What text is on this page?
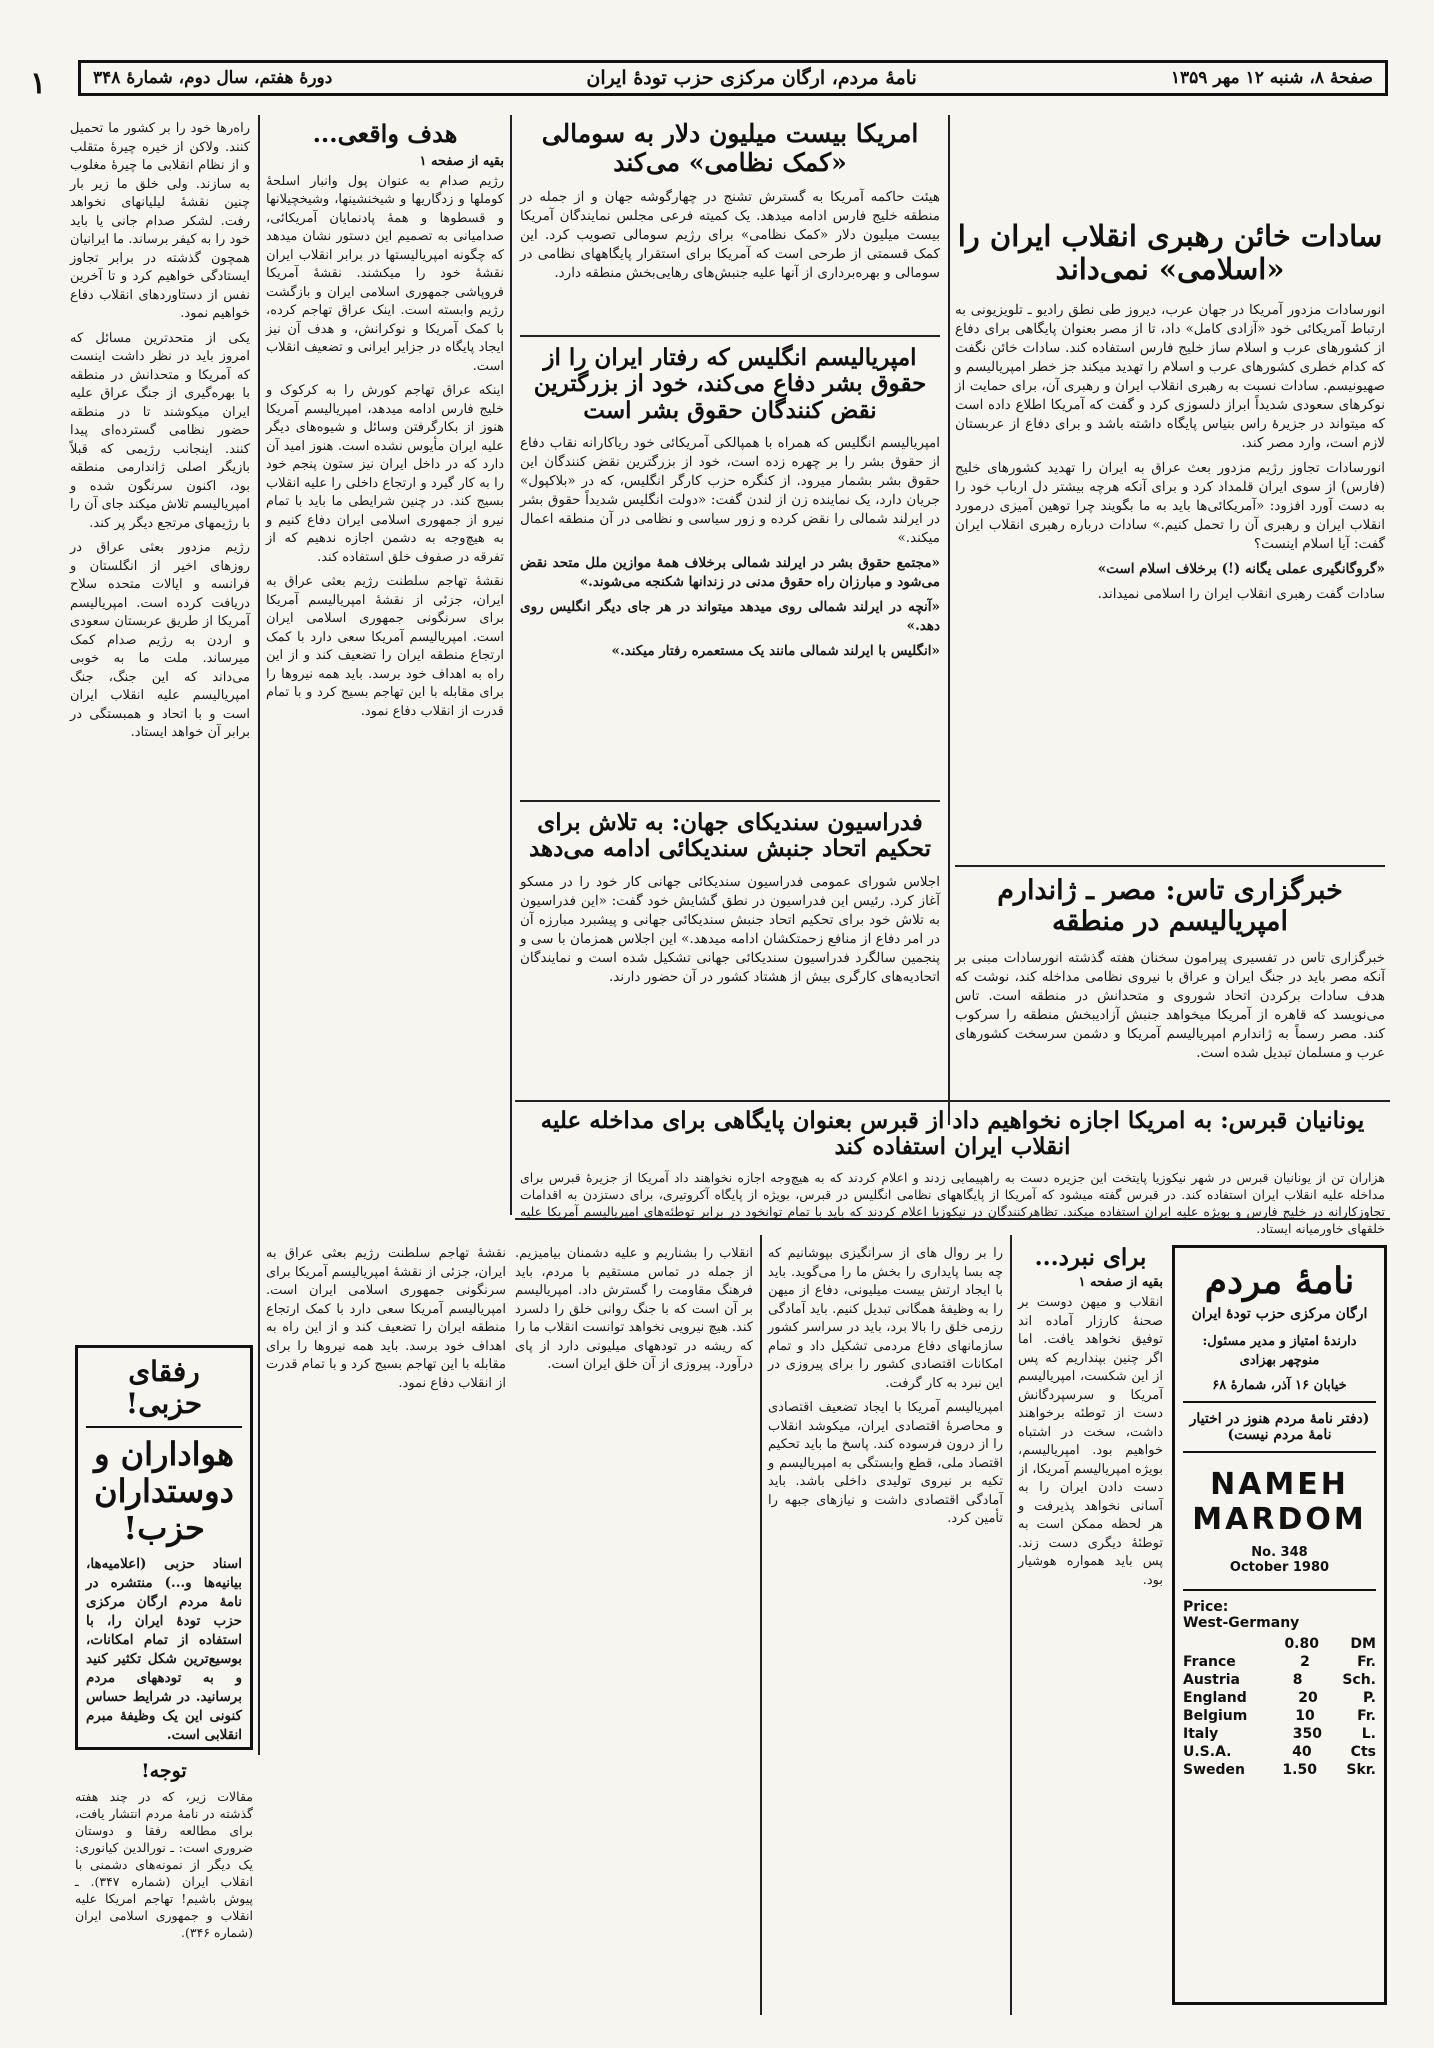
۱	صفحهٔ ۸، شنبه ۱۲ مهر ۱۳۵۹
نامهٔ مردم، ارگان مرکزی حزب تودهٔ ایران
دورهٔ هفتم، سال دوم، شمارهٔ ۳۴۸
سادات خائن رهبری انقلاب ایران را «اسلامی» نمی‌داند

انورسادات مزدور آمریکا در جهان عرب، دیروز طی نطق رادیو ـ تلویزیونی به ارتباط آمریکائی خود «آزادی کامل» داد، تا از مصر بعنوان پایگاهی برای دفاع از کشورهای عرب و اسلام ساز خلیج فارس استفاده کند. سادات خائن نگفت که کدام خطری کشورهای عرب و اسلام را تهدید میکند جز خطر امپریالیسم و صهیونیسم. سادات نسبت به رهبری انقلاب ایران و رهبری آن، برای حمایت از نوکرهای سعودی شدیداً ابراز دلسوزی کرد و گفت که آمریکا اطلاع داده است که میتواند در جزیرهٔ راس بنیاس پایگاه داشته باشد و برای دفاع از عربستان لازم است، وارد مصر کند.

انورسادات تجاوز رژیم مزدور بعث عراق به ایران را تهدید کشورهای خلیج (فارس) از سوی ایران قلمداد کرد و برای آنکه هرچه بیشتر دل ارباب خود را به دست آورد افزود: «آمریکائی‌ها باید به ما بگویند چرا توهین آمیزی درمورد انقلاب ایران و رهبری آن را تحمل کنیم.» سادات درباره رهبری انقلاب ایران گفت: آیا اسلام اینست؟

«گروگانگیری عملی یگانه (!) برخلاف اسلام است»

سادات گفت رهبری انقلاب ایران را اسلامی نمیداند.

خبرگزاری تاس: مصر ـ ژاندارم امپریالیسم در منطقه
خبرگزاری تاس در تفسیری پیرامون سخنان هفته گذشته انورسادات مبنی بر آنکه مصر باید در جنگ ایران و عراق با نیروی نظامی مداخله کند، نوشت که هدف سادات برکردن اتحاد شوروی و متحدانش در منطقه است. تاس می‌نویسد که قاهره از آمریکا میخواهد جنبش آزادیبخش منطقه را سرکوب کند. مصر رسماً به ژاندارم امپریالیسم آمریکا و دشمن سرسخت کشورهای عرب و مسلمان تبدیل شده است.
امریکا بیست میلیون دلار به سومالی «کمک نظامی» می‌کند
هیئت حاکمه آمریکا به گسترش تشنج در چهارگوشه جهان و از جمله در منطقه خلیج فارس ادامه میدهد. یک کمیته فرعی مجلس نمایندگان آمریکا بیست میلیون دلار «کمک نظامی» برای رژیم سومالی تصویب کرد. این کمک قسمتی از طرحی است که آمریکا برای استقرار پایگاههای نظامی در سومالی و بهره‌برداری از آنها علیه جنبش‌های رهایی‌بخش منطقه دارد.
امپریالیسم انگلیس که رفتار ایران را از حقوق بشر دفاع می‌کند، خود از بزرگترین نقض کنندگان حقوق بشر است

امپریالیسم انگلیس که همراه با همپالکی آمریکائی خود ریاکارانه نقاب دفاع از حقوق بشر را بر چهره زده است، خود از بزرگترین نقض کنندگان این حقوق بشر بشمار میرود. از کنگره حزب کارگر انگلیس، که در «بلاکپول» جریان دارد، یک نماینده زن از لندن گفت: «دولت انگلیس شدیداً حقوق بشر در ایرلند شمالی را نقض کرده و زور سیاسی و نظامی در آن منطقه اعمال میکند.»

«مجتمع حقوق بشر در ایرلند شمالی برخلاف همهٔ موازین ملل متحد نقض می‌شود و مبارزان راه حقوق مدنی در زندانها شکنجه می‌شوند.»

«آنچه در ایرلند شمالی روی میدهد میتواند در هر جای دیگر انگلیس روی دهد.»

«انگلیس با ایرلند شمالی مانند یک مستعمره رفتار میکند.»

فدراسیون سندیکای جهان: به تلاش برای تحکیم اتحاد جنبش سندیکائی ادامه می‌دهد
اجلاس شورای عمومی فدراسیون سندیکائی جهانی کار خود را در مسکو آغاز کرد. رئیس این فدراسیون در نطق گشایش خود گفت: «این فدراسیون به تلاش خود برای تحکیم اتحاد جنبش سندیکائی جهانی و پیشبرد مبارزه آن در امر دفاع از منافع زحمتکشان ادامه میدهد.» این اجلاس همزمان با سی و پنجمین سالگرد فدراسیون سندیکائی جهانی تشکیل شده است و نمایندگان اتحادیه‌های کارگری بیش از هشتاد کشور در آن حضور دارند.
یونانیان قبرس: به امریکا اجازه نخواهیم داد از قبرس بعنوان پایگاهی برای مداخله علیه انقلاب ایران استفاده کند
هزاران تن از یونانیان قبرس در شهر نیکوزیا پایتخت این جزیره دست به راهپیمایی زدند و اعلام کردند که به هیچ‌وجه اجازه نخواهند داد آمریکا از جزیرهٔ قبرس برای مداخله علیه انقلاب ایران استفاده کند. در قبرس گفته میشود که آمریکا از پایگاههای نظامی انگلیس در قبرس، بویژه از پایگاه آکروتیری، برای دستزدن به اقدامات تجاوزکارانه در خلیج فارس و بویژه علیه ایران استفاده میکند. تظاهرکنندگان در نیکوزیا اعلام کردند که باید با تمام توانخود در برابر توطئه‌های امپریالیسم آمریکا علیه خلقهای خاورمیانه ایستاد.
هدف واقعی...
بقیه از صفحه ۱

رژیم صدام به عنوان پول وانبار اسلحهٔ کوملها و زدگاریها و شیخنشینها، وشیخچیلانها و قسطوها و همهٔ پادنمایان آمریکائی، صدامیانی به تصمیم این دستور نشان میدهد که چگونه امپریالیستها در برابر انقلاب ایران نقشهٔ خود را میکشند. نقشهٔ آمریکا فروپاشی جمهوری اسلامی ایران و بازگشت رژیم وابسته است. اینک عراق تهاجم کرده، با کمک آمریکا و نوکرانش، و هدف آن نیز ایجاد پایگاه در جزایر ایرانی و تضعیف انقلاب است.

اینکه عراق تهاجم کورش را به کرکوک و خلیج فارس ادامه میدهد، امپریالیسم آمریکا هنوز از بکارگرفتن وسائل و شیوه‌های دیگر علیه ایران مأیوس نشده است. هنوز امید آن دارد که در داخل ایران نیز ستون پنجم خود را به کار گیرد و ارتجاع داخلی را علیه انقلاب بسیج کند. در چنین شرایطی ما باید با تمام نیرو از جمهوری اسلامی ایران دفاع کنیم و به هیچ‌وجه به دشمن اجازه ندهیم که از تفرقه در صفوف خلق استفاده کند.

نقشهٔ تهاجم سلطنت رژیم بعثی عراق به ایران، جزئی از نقشهٔ امپریالیسم آمریکا برای سرنگونی جمهوری اسلامی ایران است. امپریالیسم آمریکا سعی دارد با کمک ارتجاع منطقه ایران را تضعیف کند و از این راه به اهداف خود برسد. باید همه نیروها را برای مقابله با این تهاجم بسیج کرد و با تمام قدرت از انقلاب دفاع نمود.

راه‌رها خود را بر کشور ما تحمیل کنند. ولاکن از خیره چیرهٔ متقلب و از نظام انقلابی ما چیرهٔ مغلوب به سازند. ولی خلق ما زیر بار چنین نقشهٔ لیلیانهای نخواهد رفت. لشکر صدام جانی یا باید خود را به کیفر برساند. ما ایرانیان همچون گذشته در برابر تجاوز ایستادگی خواهیم کرد و تا آخرین نفس از دستاوردهای انقلاب دفاع خواهیم نمود.

یکی از متحدترین مسائل که امروز باید در نظر داشت اینست که آمریکا و متحدانش در منطقه با بهره‌گیری از جنگ عراق علیه ایران میکوشند تا در منطقه حضور نظامی گسترده‌ای پیدا کنند. اینجانب رژیمی که قبلاً بازیگر اصلی ژاندارمی منطقه بود، اکنون سرنگون شده و امپریالیسم تلاش میکند جای آن را با رژیمهای مرتجع دیگر پر کند.

رژیم مزدور بعثی عراق در روزهای اخیر از انگلستان و فرانسه و ایالات متحده سلاح دریافت کرده است. امپریالیسم آمریکا از طریق عربستان سعودی و اردن به رژیم صدام کمک میرساند. ملت ما به خوبی می‌داند که این جنگ، جنگ امپریالیسم علیه انقلاب ایران است و با اتحاد و همبستگی در برابر آن خواهد ایستاد.

رفقای حزبی!
هواداران و دوستداران حزب!
اسناد حزبی (اعلامیه‌ها، بیانیه‌ها و...) منتشره در نامهٔ مردم ارگان مرکزی حزب تودهٔ ایران را، با استفاده از تمام امکانات، بوسیع‌ترین شکل تکثیر کنید و به تودههای مردم برسانید. در شرایط حساس کنونی این یک وظیفهٔ مبرم انقلابی است.
توجه!
مقالات زیر، که در چند هفته گذشته در نامهٔ مردم انتشار یافت، برای مطالعه رفقا و دوستان ضروری است: ـ نورالدین کیانوری: یک دیگر از نمونه‌های دشمنی با انقلاب ایران (شماره ۳۴۷). ـ پیوش باشیم! تهاجم امریکا علیه انقلاب و جمهوری اسلامی ایران (شماره ۳۴۶).
برای نبرد...
بقیه از صفحه ۱
انقلاب و میهن دوست بر صحنهٔ کارزار آماده اند توفیق نخواهد یافت. اما اگر چنین بپنداریم که پس از این شکست، امپریالیسم آمریکا و سرسپردگانش دست از توطئه برخواهند داشت، سخت در اشتباه خواهیم بود. امپریالیسم، بویژه امپریالیسم آمریکا، از دست دادن ایران را به آسانی نخواهد پذیرفت و هر لحظه ممکن است به توطئهٔ دیگری دست زند. پس باید همواره هوشیار بود.

را بر روال های از سرانگیزی بپوشانیم که چه بسا پایداری را بخش ما را می‌گوید. باید با ایجاد ارتش بیست میلیونی، دفاع از میهن را به وظیفهٔ همگانی تبدیل کنیم. باید آمادگی رزمی خلق را بالا برد، باید در سراسر کشور سازمانهای دفاع مردمی تشکیل داد و تمام امکانات اقتصادی کشور را برای پیروزی در این نبرد به کار گرفت.

امپریالیسم آمریکا با ایجاد تضعیف اقتصادی و محاصرهٔ اقتصادی ایران، میکوشد انقلاب را از درون فرسوده کند. پاسخ ما باید تحکیم اقتصاد ملی، قطع وابستگی به امپریالیسم و تکیه بر نیروی تولیدی داخلی باشد. باید آمادگی اقتصادی داشت و نیازهای جبهه را تأمین کرد.

انقلاب را بشناریم و علیه دشمنان بیامیزیم. از جمله در تماس مستقیم با مردم، باید فرهنگ مقاومت را گسترش داد. امپریالیسم بر آن است که با جنگ روانی خلق را دلسرد کند. هیچ نیرویی نخواهد توانست انقلاب ما را که ریشه در تودههای میلیونی دارد از پای درآورد. پیروزی از آن خلق ایران است.
نقشهٔ تهاجم سلطنت رژیم بعثی عراق به ایران، جزئی از نقشهٔ امپریالیسم آمریکا برای سرنگونی جمهوری اسلامی ایران است. امپریالیسم آمریکا سعی دارد با کمک ارتجاع منطقه ایران را تضعیف کند و از این راه به اهداف خود برسد. باید همه نیروها را برای مقابله با این تهاجم بسیج کرد و با تمام قدرت از انقلاب دفاع نمود.
نامهٔ مردم
ارگان مرکزی حزب تودهٔ ایران
دارندهٔ امتیاز و مدیر مسئول: منوچهر بهزادی
خیابان ۱۶ آذر، شمارهٔ ۶۸
(دفتر نامهٔ مردم هنوز در اختیار نامهٔ مردم نیست)
NAMEH
MARDOM
No. 348
October 1980
Price:
West-Germany
0.80 DM
France	2	Fr.
Austria	8	Sch.
England	20	P.
Belgium	10	Fr.
Italy	350	L.
U.S.A.	40	Cts
Sweden	1.50 Skr.
